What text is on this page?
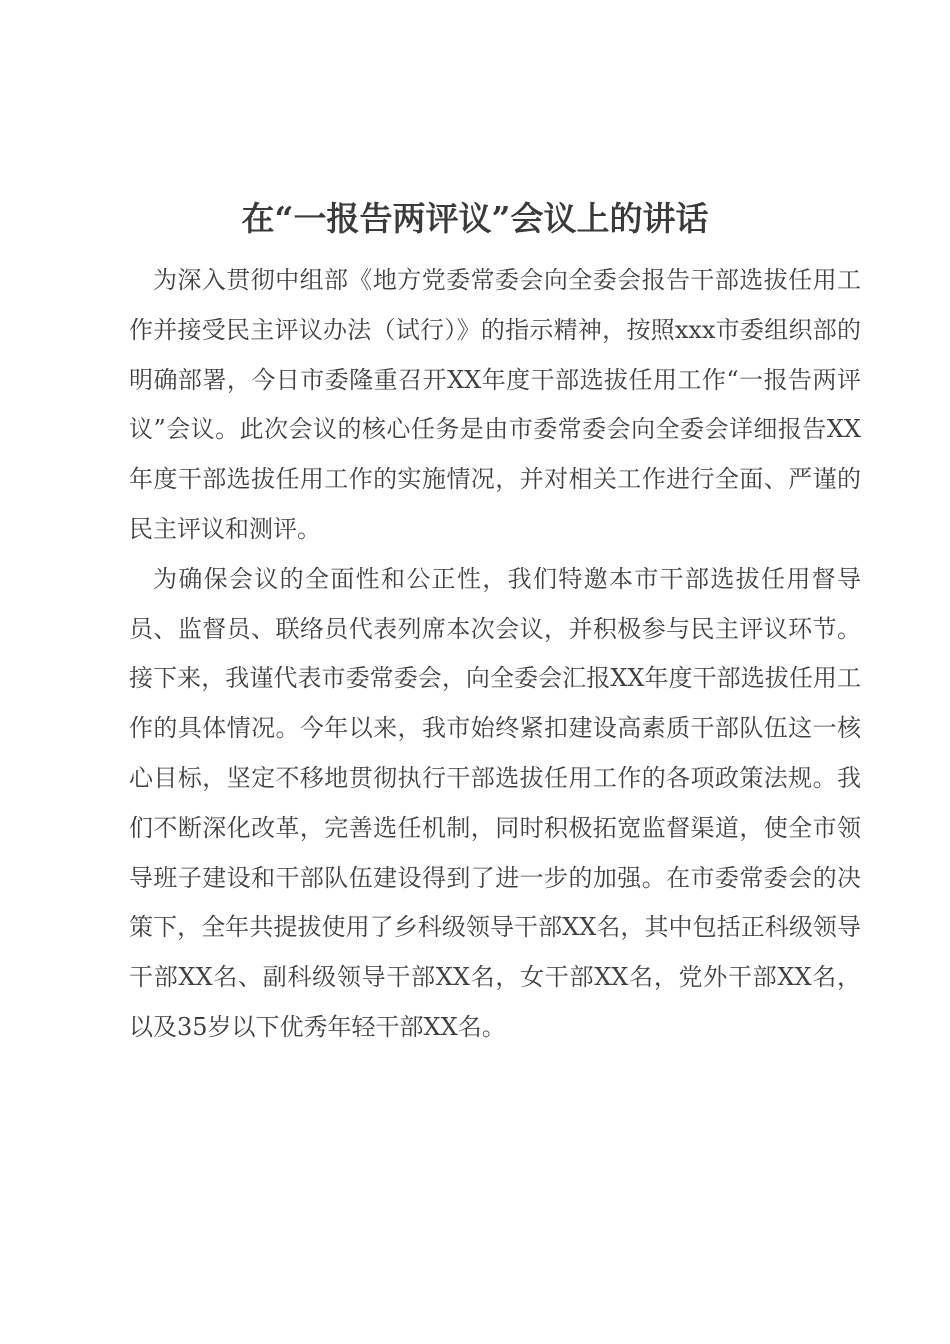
在“一报告两评议”会议上的讲话

为深入贯彻中组部《地方党委常委会向全委会报告干部选拔任用工作并接受民主评议办法（试行）》的指示精神，按照xxx市委组织部的明确部署，今日市委隆重召开XX年度干部选拔任用工作“一报告两评议”会议。此次会议的核心任务是由市委常委会向全委会详细报告XX年度干部选拔任用工作的实施情况，并对相关工作进行全面、严谨的民主评议和测评。

为确保会议的全面性和公正性，我们特邀本市干部选拔任用督导员、监督员、联络员代表列席本次会议，并积极参与民主评议环节。接下来，我谨代表市委常委会，向全委会汇报XX年度干部选拔任用工作的具体情况。今年以来，我市始终紧扣建设高素质干部队伍这一核心目标，坚定不移地贯彻执行干部选拔任用工作的各项政策法规。我们不断深化改革，完善选任机制，同时积极拓宽监督渠道，使全市领导班子建设和干部队伍建设得到了进一步的加强。在市委常委会的决策下，全年共提拔使用了乡科级领导干部XX名，其中包括正科级领导干部XX名、副科级领导干部XX名，女干部XX名，党外干部XX名，以及35岁以下优秀年轻干部XX名。
